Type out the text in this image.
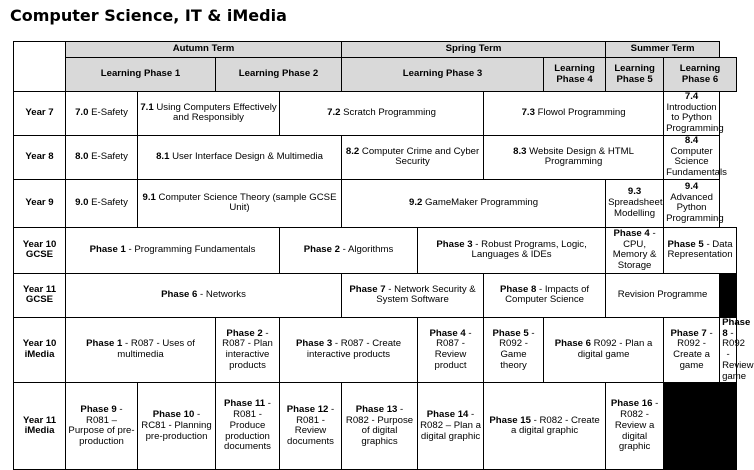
Computer Science, IT & iMedia
	Autumn Term				Spring Term				Summer Term		
	Learning Phase 1		Learning Phase 2		Learning Phase 3			Learning Phase 4	Learning Phase 5	Learning Phase 6	
Year 7	7.0 E-Safety	7.1 Using Computers Effectively and Responsibly		7.2 Scratch Programming			7.3 Flowol Programming			7.4 Introduction to Python Programming	
Year 8	8.0 E-Safety	8.1 User Interface Design & Multimedia			8.2 Computer Crime and Cyber Security		8.3 Website Design & HTML Programming			8.4 Computer Science Fundamentals	
Year 9	9.0 E-Safety	9.1 Computer Science Theory (sample GCSE Unit)			9.2 GameMaker Programming				9.3 Spreadsheet Modelling	9.4 Advanced Python Programming	
Year 10 GCSE	Phase 1 - Programming Fundamentals			Phase 2 - Algorithms		Phase 3 - Robust Programs, Logic, Languages & IDEs			Phase 4 - CPU, Memory & Storage	Phase 5 - Data Representation	
Year 11 GCSE	Phase 6 - Networks				Phase 7 - Network Security & System Software		Phase 8 - Impacts of Computer Science		Revision Programme		
Year 10 iMedia	Phase 1 - R087 - Uses of multimedia		Phase 2 - R087 - Plan interactive products	Phase 3 - R087 - Create interactive products		Phase 4 - R087 - Review product	Phase 5 - R092 - Game theory	Phase 6 R092 - Plan a digital game		Phase 7 - R092 - Create a game	Phase 8 - R092 - Review game
Year 11 iMedia	Phase 9 - R081 – Purpose of pre-production	Phase 10 - RC81 - Planning pre-production	Phase 11 -R081 - Produce production documents	Phase 12 - R081 - Review documents	Phase 13 - R082 - Purpose of digital graphics	Phase 14 -R082 – Plan a digital graphic	Phase 15 - R082 - Create a digital graphic		Phase 16 - R082 - Review a digital graphic		
